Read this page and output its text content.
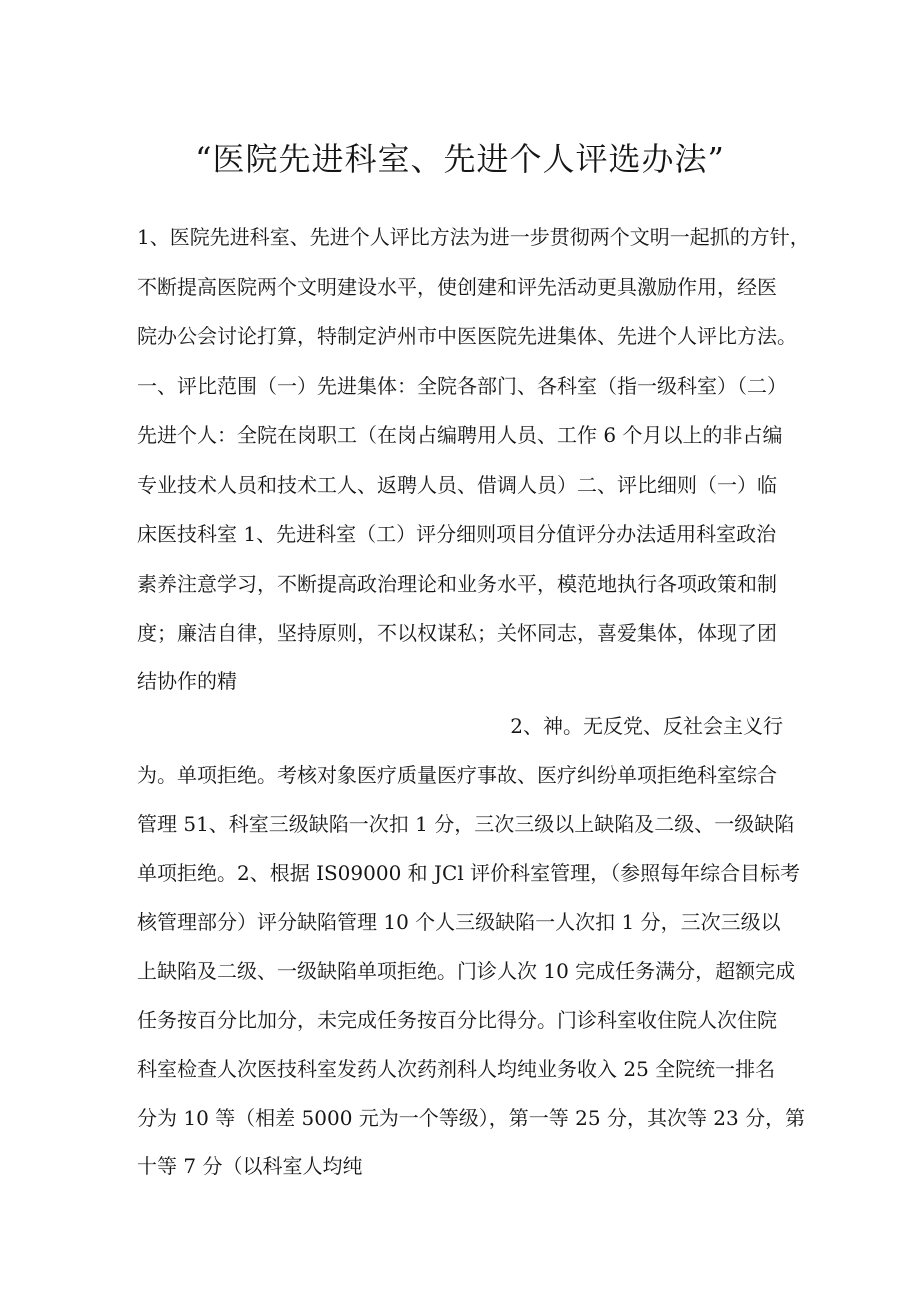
“医院先进科室、先进个人评选办法”
1、医院先进科室、先进个人评比方法为进一步贯彻两个文明一起抓的方针，
不断提高医院两个文明建设水平，使创建和评先活动更具激励作用，经医
院办公会讨论打算，特制定泸州市中医医院先进集体、先进个人评比方法。
一、评比范围（一）先进集体：全院各部门、各科室（指一级科室）（二）
先进个人：全院在岗职工（在岗占编聘用人员、工作 6 个月以上的非占编
专业技术人员和技术工人、返聘人员、借调人员）二、评比细则（一）临
床医技科室 1、先进科室（工）评分细则项目分值评分办法适用科室政治
素养注意学习，不断提高政治理论和业务水平，模范地执行各项政策和制
度；廉洁自律，坚持原则，不以权谋私；关怀同志，喜爱集体，体现了团
结协作的精
2、神。无反党、反社会主义行
为。单项拒绝。考核对象医疗质量医疗事故、医疗纠纷单项拒绝科室综合
管理 51、科室三级缺陷一次扣 1 分，三次三级以上缺陷及二级、一级缺陷
单项拒绝。2、根据 IS09000 和 JCl 评价科室管理，（参照每年综合目标考
核管理部分）评分缺陷管理 10 个人三级缺陷一人次扣 1 分，三次三级以
上缺陷及二级、一级缺陷单项拒绝。门诊人次 10 完成任务满分，超额完成
任务按百分比加分，未完成任务按百分比得分。门诊科室收住院人次住院
科室检查人次医技科室发药人次药剂科人均纯业务收入 25 全院统一排名
分为 10 等（相差 5000 元为一个等级），第一等 25 分，其次等 23 分，第
十等 7 分（以科室人均纯
